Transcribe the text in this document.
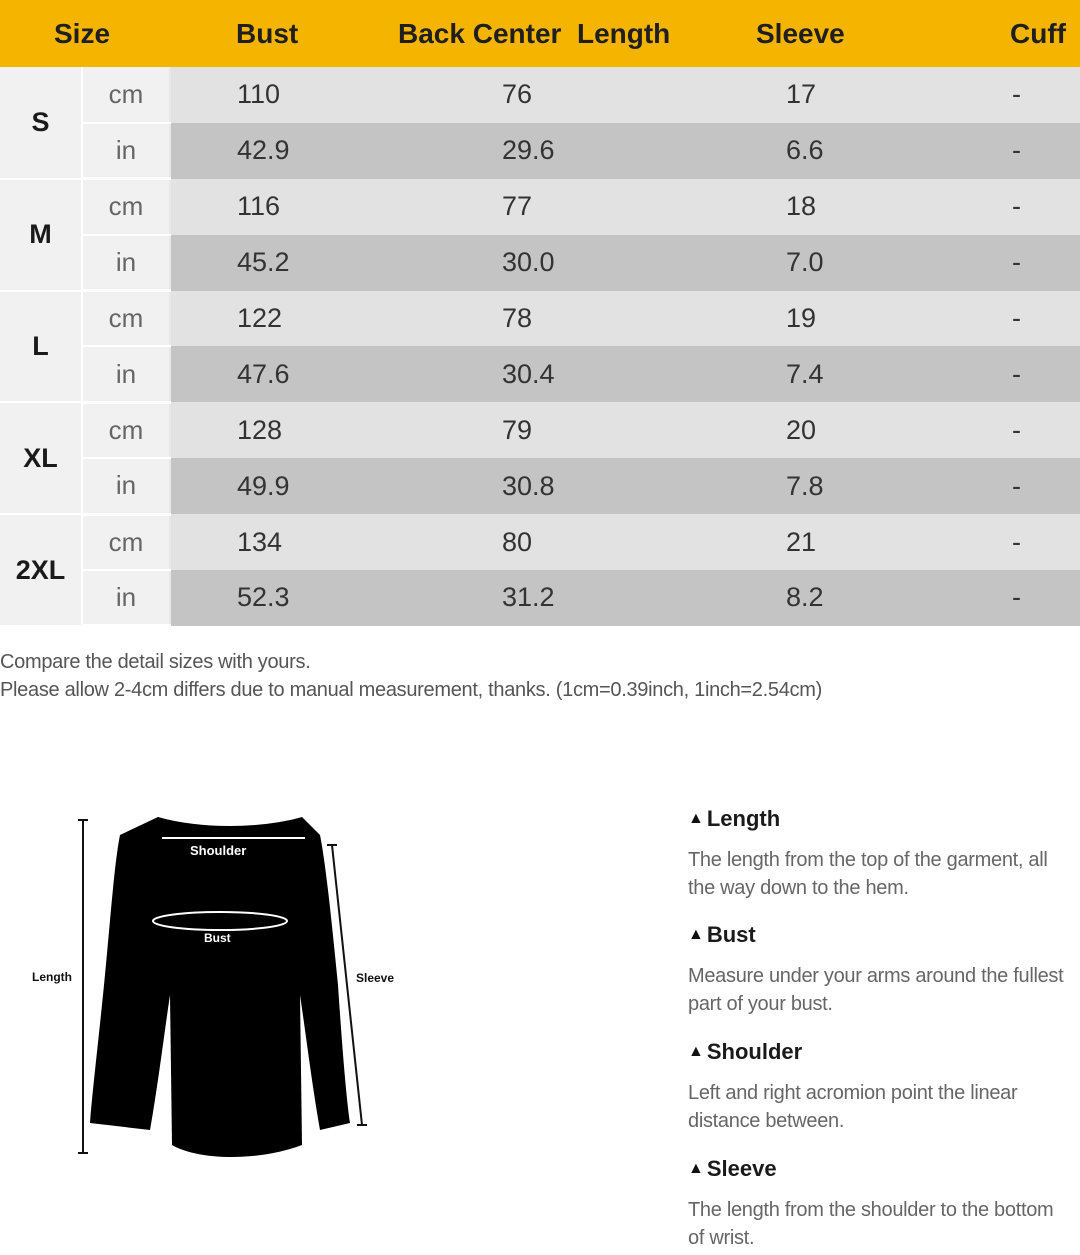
Size		Bust	Back Center  Length	Sleeve	Cuff
S	cm	110	76	17	-
	in	42.9	29.6	6.6	-
M	cm	116	77	18	-
	in	45.2	30.0	7.0	-
L	cm	122	78	19	-
	in	47.6	30.4	7.4	-
XL	cm	128	79	20	-
	in	49.9	30.8	7.8	-
2XL	cm	134	80	21	-
	in	52.3	31.2	8.2	-
Compare the detail sizes with yours.
Please allow 2-4cm differs due to manual measurement, thanks. (1cm=0.39inch, 1inch=2.54cm)
Shoulder
Bust
Length	Sleeve
▲ Length

The length from the top of the garment, all the way down to the hem.

▲ Bust

Measure under your arms around the fullest part of your bust.

▲ Shoulder

Left and right acromion point the linear distance between.

▲ Sleeve

The length from the shoulder to the bottom of wrist.
